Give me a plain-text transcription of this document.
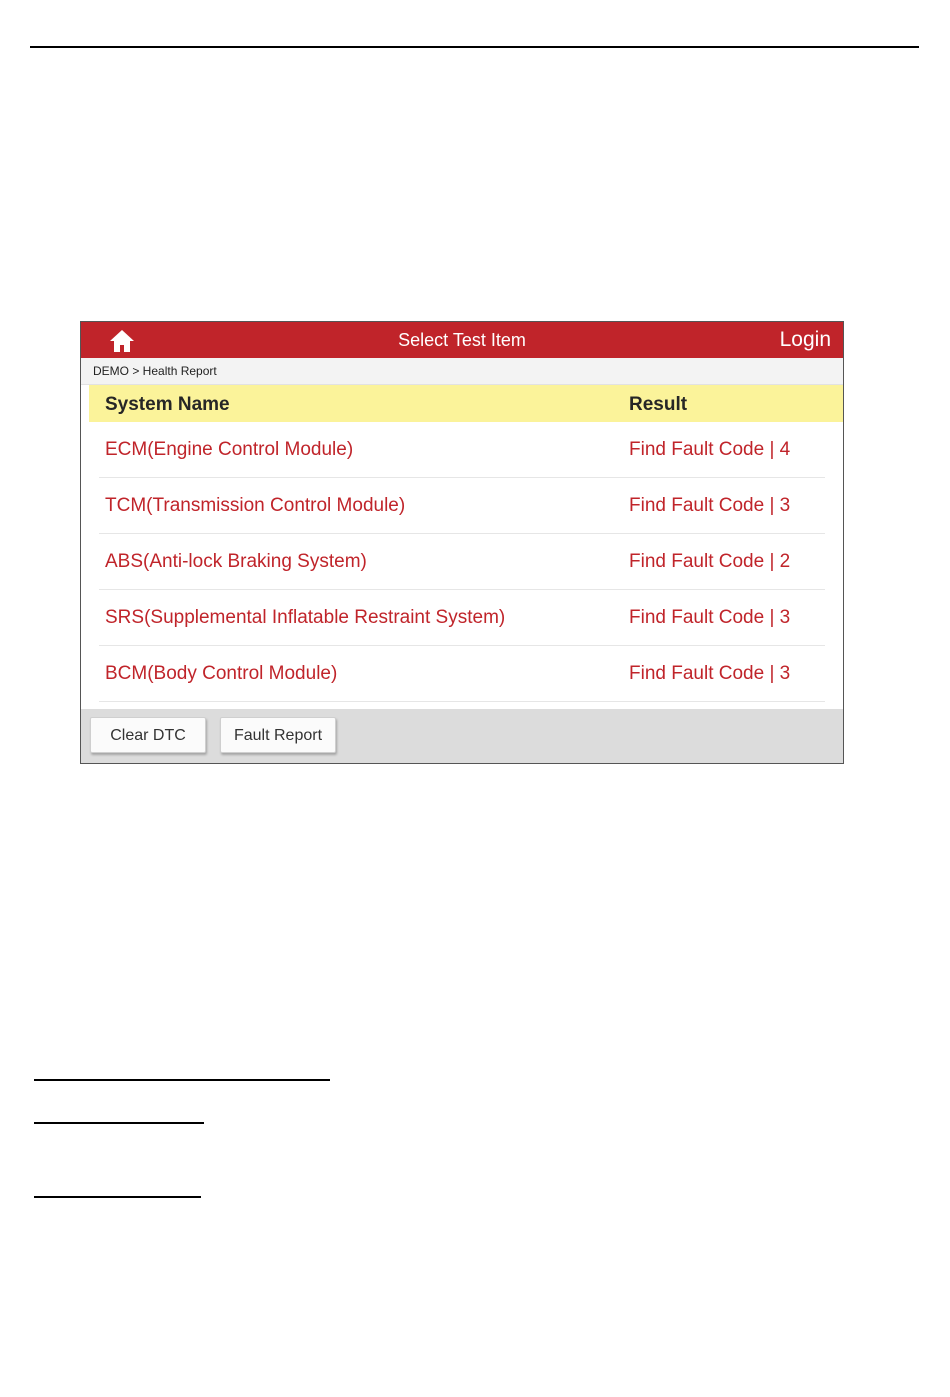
Select Test Item	Login
DEMO > Health Report
System Name	Result
ECM(Engine Control Module)	Find Fault Code | 4
TCM(Transmission Control Module)	Find Fault Code | 3
ABS(Anti-lock Braking System)	Find Fault Code | 2
SRS(Supplemental Inflatable Restraint System)	Find Fault Code | 3
BCM(Body Control Module)	Find Fault Code | 3
Clear DTC	Fault Report
